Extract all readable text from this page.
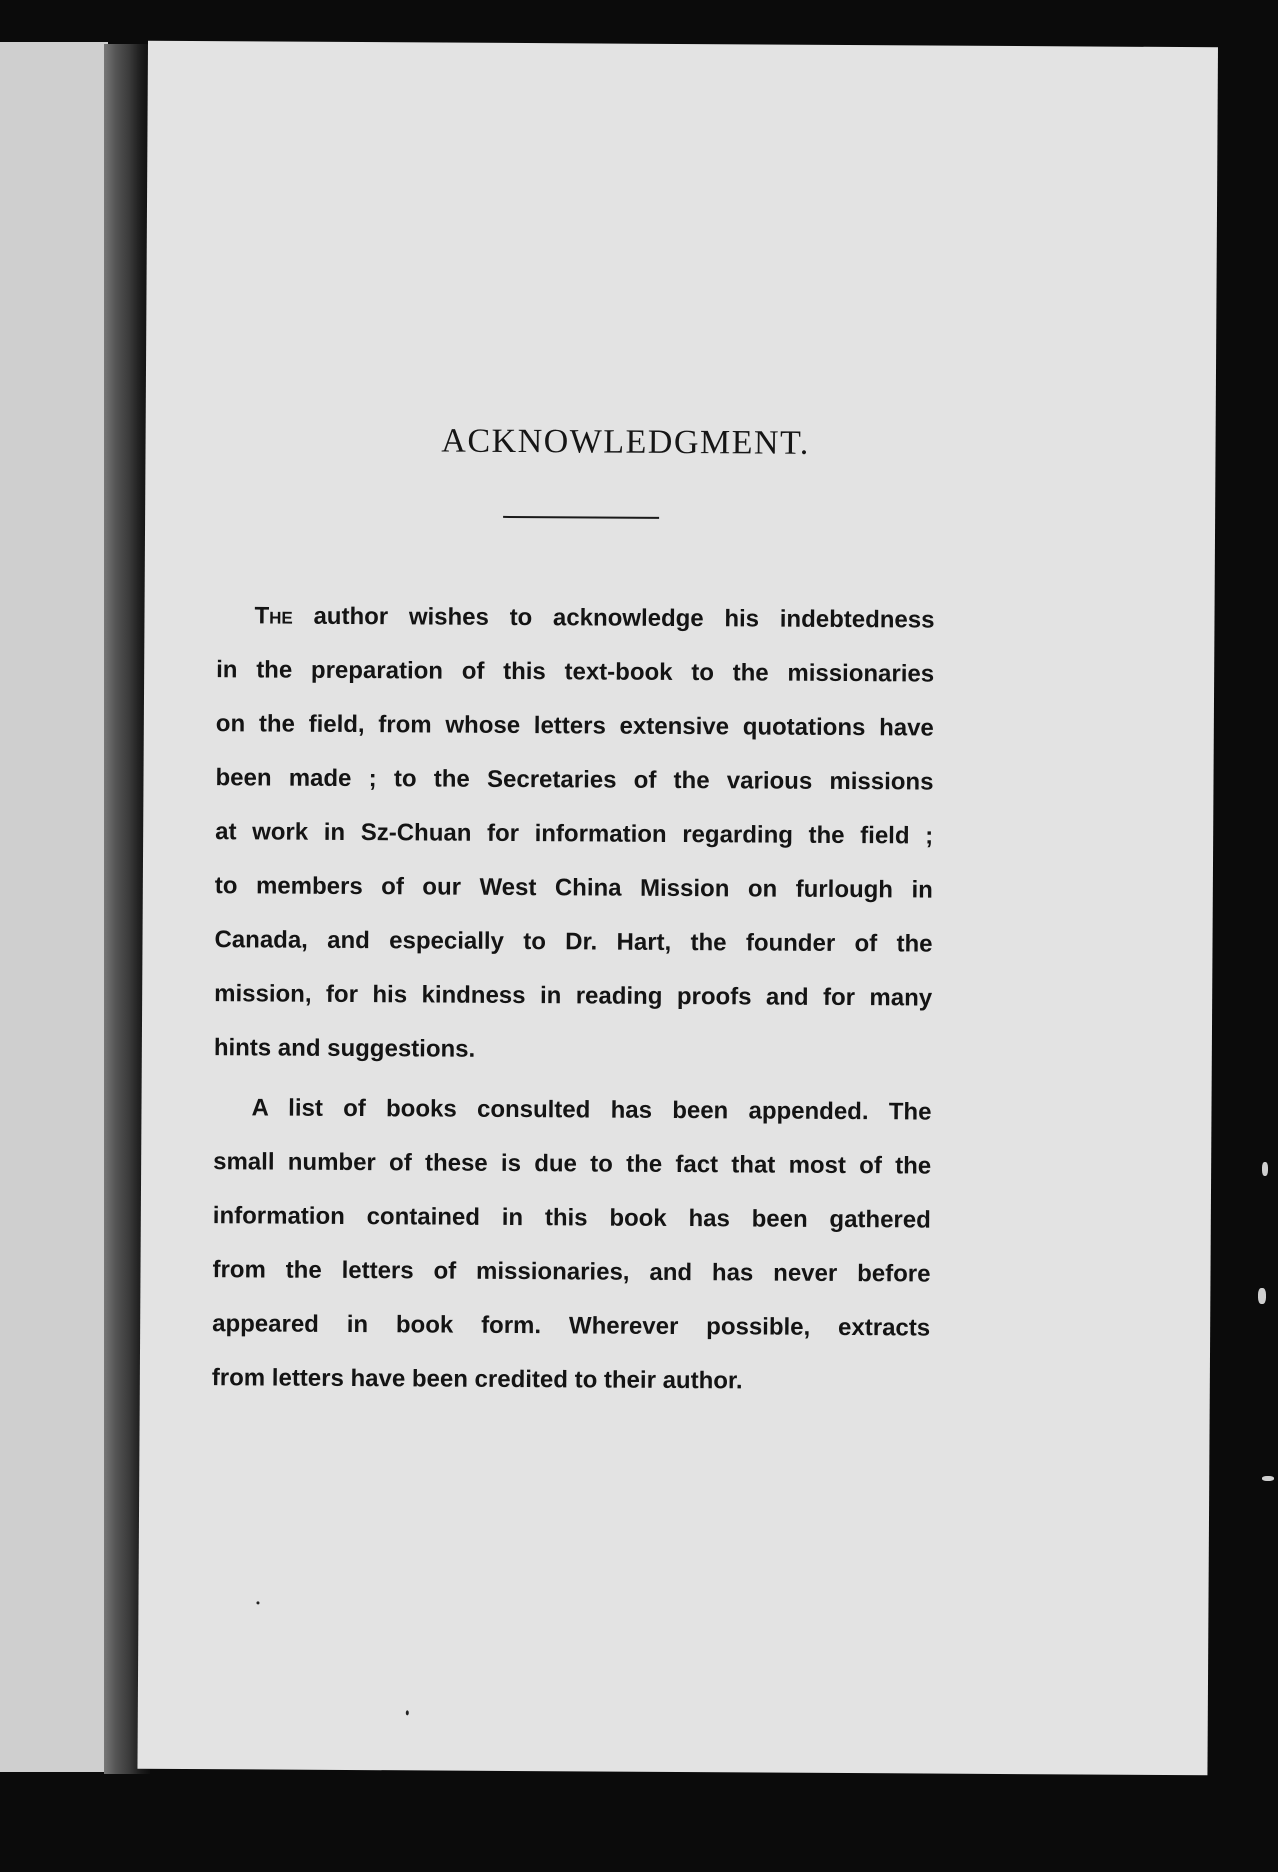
ACKNOWLEDGMENT.

The author wishes to acknowledge his indebtedness
in the preparation of this text-book to the missionaries
on the field, from whose letters extensive quotations have
been made ; to the Secretaries of the various missions
at work in Sz-Chuan for information regarding the field ;
to members of our West China Mission on furlough in
Canada, and especially to Dr. Hart, the founder of the
mission, for his kindness in reading proofs and for many
hints and suggestions.

A list of books consulted has been appended. The
small number of these is due to the fact that most of the
information contained in this book has been gathered
from the letters of missionaries, and has never before
appeared in book form. Wherever possible, extracts
from letters have been credited to their author.
